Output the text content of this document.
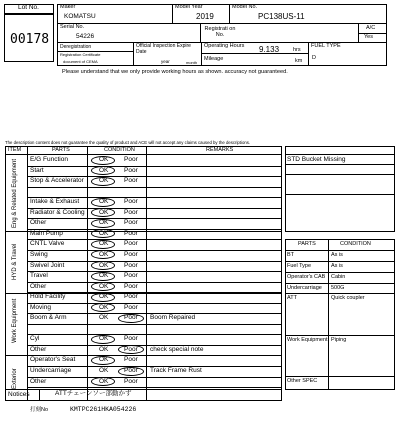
Lot No.
00178
Maker
KOMATSU
Model Year
2019
Model No.
PC138US-11
Serial No.
54226
Registrati on No.
A/C
Yes
Deregistration
Registration Certificate
document of CEMA
Official Inspection Expire Date
year	month
Operating Hours 9.133	hrs
Mileage	km
FUEL TYPE
D
Please understand that we only provide working hours as shown. accuracy not guaranteed.
The description content does not guarantee the quality of product and ACE will not accept any claims caused by the descriptions.
ITEM	PARTS	CONDITION	REMARKS
Eng & Related Equipment
HYD & Travel
Work Equipment
Exterior
E/G Function	OK Poor
Start	OK Poor
Stop & Accelerator OK Poor
Intake & Exhaust	OK Poor
Radiator & Cooling OK Poor
Other	OK Poor
Main Pump	OK Poor
CNTL Valve	OK Poor
Swing	OK Poor
Swivel Joint	OK Poor
Travel	OK Poor
Other	OK Poor
Hold Facility	OK Poor
Moving	OK Poor
Boom & Arm	OK Poor Boom Repaired
Cyl	OK Poor
Other	OK Poor check special note
Operator's Seat	OK Poor
Undercarriage	OK Poor Track Frame Rust
Other	OK Poor
STD Bucket Missing
PARTS	CONDITION
BT	As is
Fuel Type	As is
Operator's CAB Cabin
Undercarriage 500G
ATT	Quick coupler
Work Equipment Piping
Other SPEC
Notices	ATTチェーンソー部動かず
打刻No	KMTPC261HKA054226
